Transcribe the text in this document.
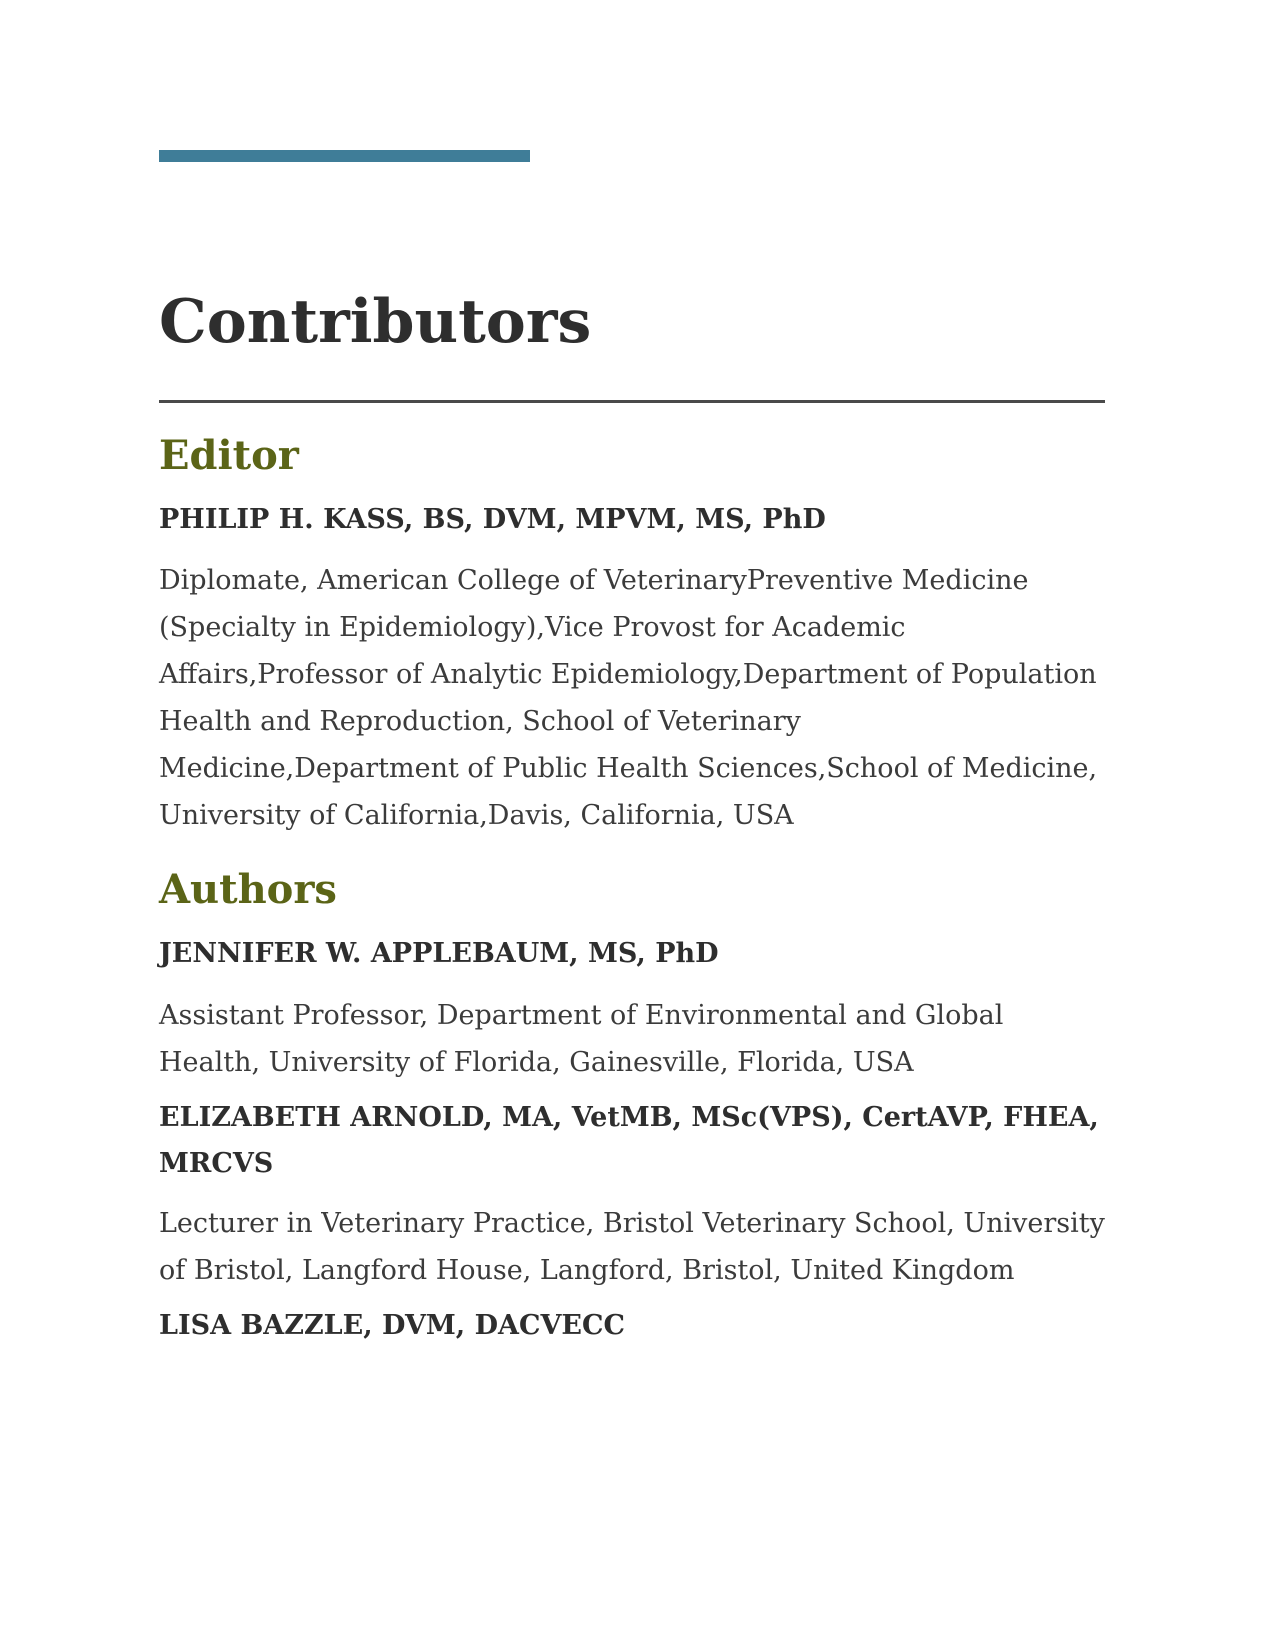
Contributors
Editor

PHILIP H. KASS, BS, DVM, MPVM, MS, PhD

Diplomate, American College of VeterinaryPreventive Medicine (Specialty in Epidemiology),Vice Provost for Academic Affairs,Professor of Analytic Epidemiology,Department of Population Health and Reproduction, School of Veterinary Medicine,Department of Public Health Sciences,School of Medicine, University of California,Davis, California, USA

Authors

JENNIFER W. APPLEBAUM, MS, PhD

Assistant Professor, Department of Environmental and Global Health, University of Florida, Gainesville, Florida, USA

ELIZABETH ARNOLD, MA, VetMB, MSc(VPS), CertAVP, FHEA, MRCVS

Lecturer in Veterinary Practice, Bristol Veterinary School, University of Bristol, Langford House, Langford, Bristol, United Kingdom

LISA BAZZLE, DVM, DACVECC
